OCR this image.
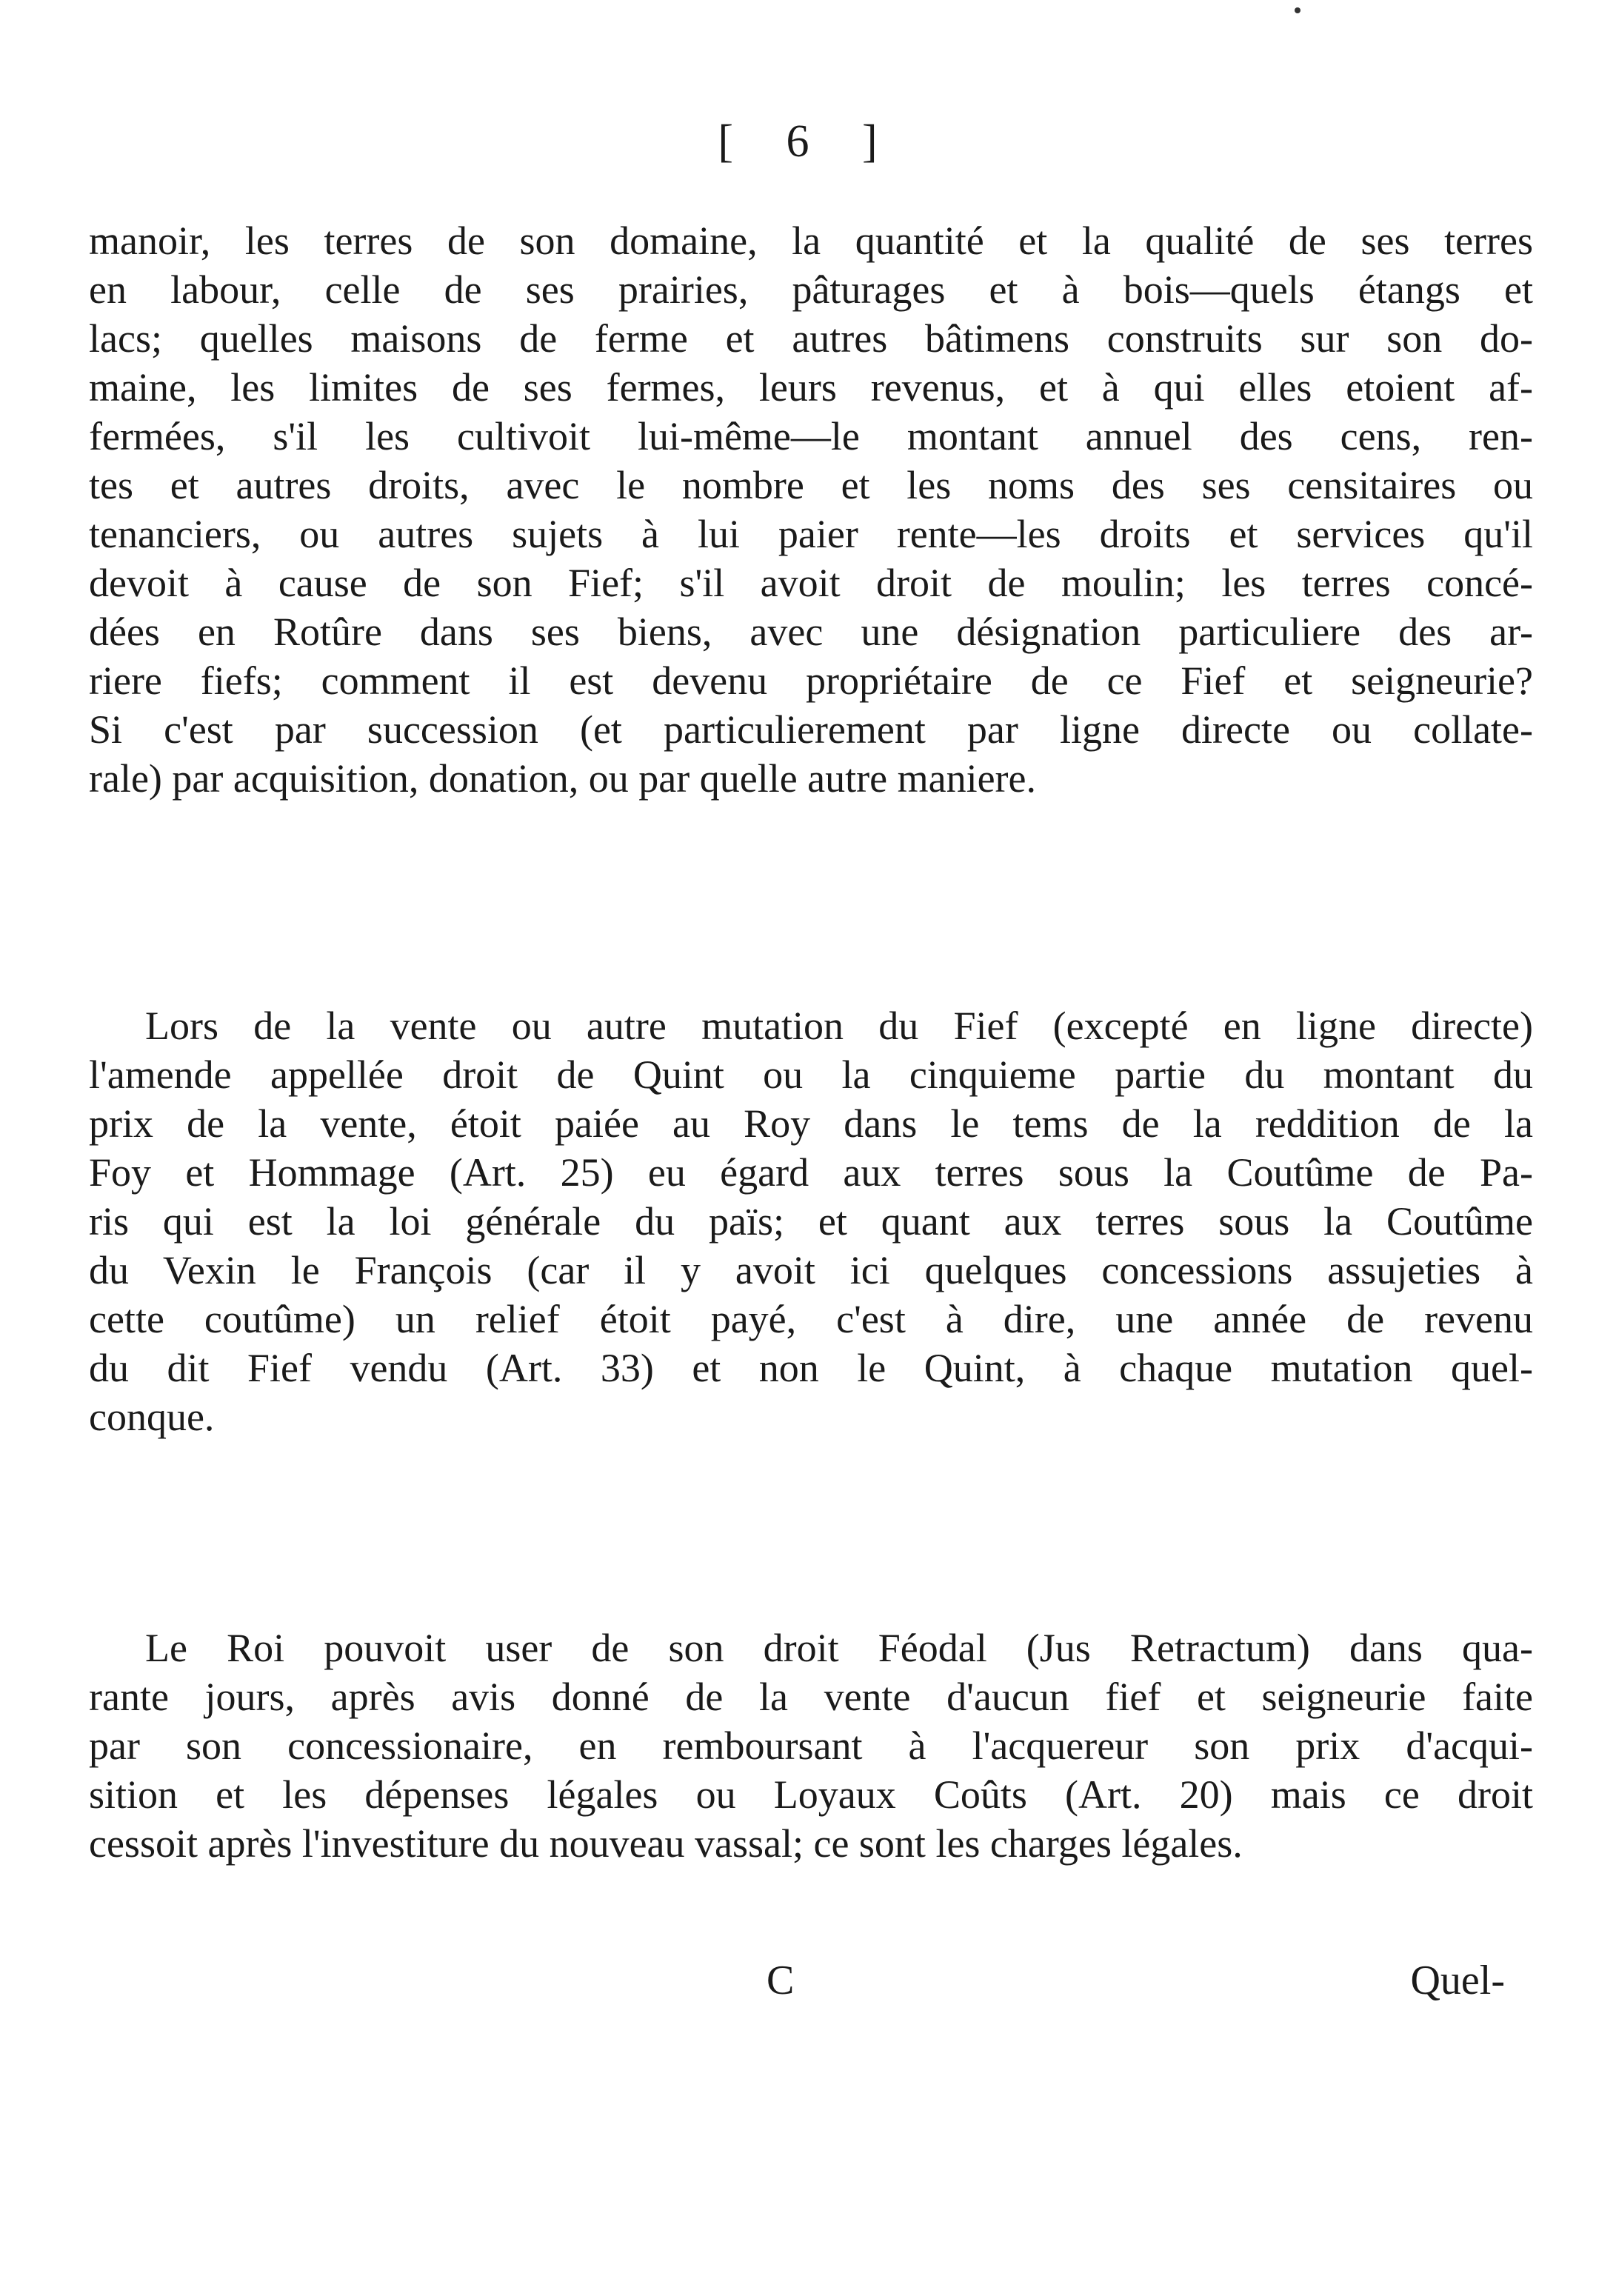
[ 6 ]
manoir, les terres de son domaine, la quantité et la qualité de ses terres
en labour, celle de ses prairies, pâturages et à bois—quels étangs et
lacs; quelles maisons de ferme et autres bâtimens construits sur son do-
maine, les limites de ses fermes, leurs revenus, et à qui elles etoient af-
fermées, s'il les cultivoit lui-même—le montant annuel des cens, ren-
tes et autres droits, avec le nombre et les noms des ses censitaires ou
tenanciers, ou autres sujets à lui paier rente—les droits et services qu'il
devoit à cause de son Fief; s'il avoit droit de moulin; les terres concé-
dées en Rotûre dans ses biens, avec une désignation particuliere des ar-
riere fiefs; comment il est devenu propriétaire de ce Fief et seigneurie?
Si c'est par succession (et particulierement par ligne directe ou collate-
rale) par acquisition, donation, ou par quelle autre maniere.
Lors de la vente ou autre mutation du Fief (excepté en ligne directe)
l'amende appellée droit de Quint ou la cinquieme partie du montant du
prix de la vente, étoit paiée au Roy dans le tems de la reddition de la
Foy et Hommage (Art. 25) eu égard aux terres sous la Coutûme de Pa-
ris qui est la loi générale du païs; et quant aux terres sous la Coutûme
du Vexin le François (car il y avoit ici quelques concessions assujeties à
cette coutûme) un relief étoit payé, c'est à dire, une année de revenu
du dit Fief vendu (Art. 33) et non le Quint, à chaque mutation quel-
conque.
Le Roi pouvoit user de son droit Féodal (Jus Retractum) dans qua-
rante jours, après avis donné de la vente d'aucun fief et seigneurie faite
par son concessionaire, en remboursant à l'acquereur son prix d'acqui-
sition et les dépenses légales ou Loyaux Coûts (Art. 20) mais ce droit
cessoit après l'investiture du nouveau vassal; ce sont les charges légales.
C	Quel-
